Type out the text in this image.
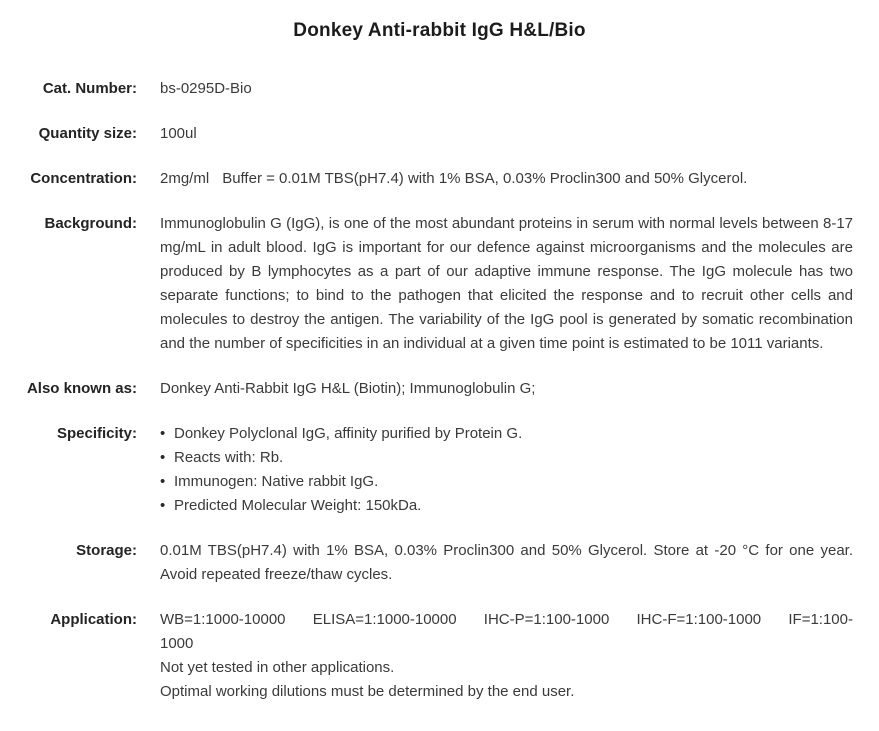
Donkey Anti-rabbit IgG H&L/Bio
Cat. Number: bs-0295D-Bio
Quantity size: 100ul
Concentration: 2mg/ml Buffer = 0.01M TBS(pH7.4) with 1% BSA, 0.03% Proclin300 and 50% Glycerol.
Background: Immunoglobulin G (IgG), is one of the most abundant proteins in serum with normal levels between 8-17 mg/mL in adult blood. IgG is important for our defence against microorganisms and the molecules are produced by B lymphocytes as a part of our adaptive immune response. The IgG molecule has two separate functions; to bind to the pathogen that elicited the response and to recruit other cells and molecules to destroy the antigen. The variability of the IgG pool is generated by somatic recombination and the number of specificities in an individual at a given time point is estimated to be 1011 variants.
Also known as: Donkey Anti-Rabbit IgG H&L (Biotin); Immunoglobulin G;
Specificity: • Donkey Polyclonal IgG, affinity purified by Protein G.
• Reacts with: Rb.
• Immunogen: Native rabbit IgG.
• Predicted Molecular Weight: 150kDa.
Storage: 0.01M TBS(pH7.4) with 1% BSA, 0.03% Proclin300 and 50% Glycerol. Store at -20 °C for one year. Avoid repeated freeze/thaw cycles.
Application: WB=1:1000-10000 ELISA=1:1000-10000 IHC-P=1:100-1000 IHC-F=1:100-1000 IF=1:100-1000
Not yet tested in other applications.
Optimal working dilutions must be determined by the end user.
